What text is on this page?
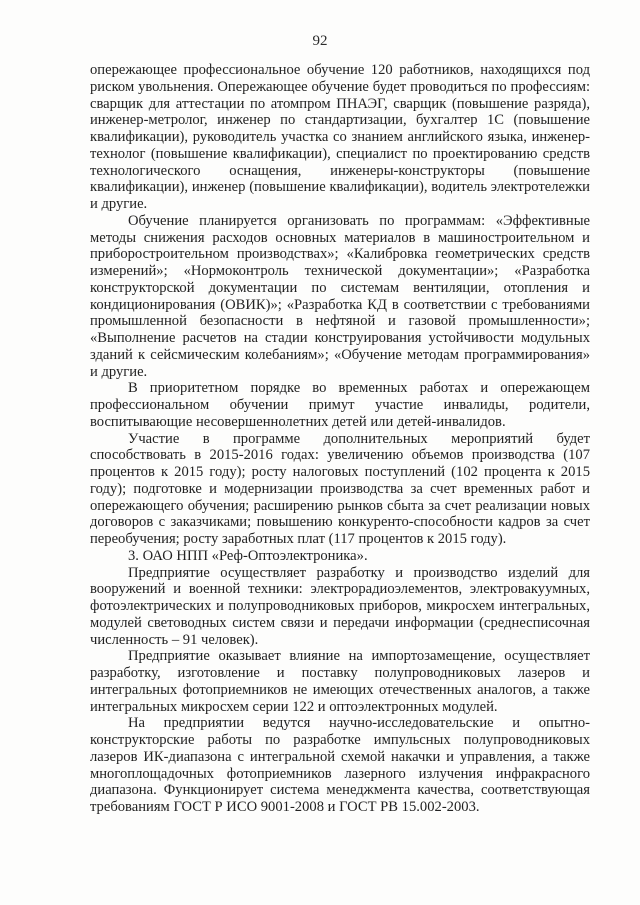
92

опережающее профессиональное обучение 120 работников, находящихся под риском увольнения. Опережающее обучение будет проводиться по профессиям: сварщик для аттестации по атомпром ПНАЭГ, сварщик (повышение разряда), инженер-метролог, инженер по стандартизации, бухгалтер 1С (повышение квалификации), руководитель участка со знанием английского языка, инженер-технолог (повышение квалификации), специалист по проектированию средств технологического оснащения, инженеры-конструкторы (повышение квалификации), инженер (повышение квалификации), водитель электротележки и другие.

Обучение планируется организовать по программам: «Эффективные методы снижения расходов основных материалов в машиностроительном и приборостроительном производствах»; «Калибровка геометрических средств измерений»; «Нормоконтроль технической документации»; «Разработка конструкторской документации по системам вентиляции, отопления и кондиционирования (ОВИК)»; «Разработка КД в соответствии с требованиями промышленной безопасности в нефтяной и газовой промышленности»; «Выполнение расчетов на стадии конструирования устойчивости модульных зданий к сейсмическим колебаниям»; «Обучение методам программирования» и другие.

В приоритетном порядке во временных работах и опережающем профессиональном обучении примут участие инвалиды, родители, воспитывающие несовершеннолетних детей или детей-инвалидов.

Участие в программе дополнительных мероприятий будет способствовать в 2015-2016 годах: увеличению объемов производства (107 процентов к 2015 году); росту налоговых поступлений (102 процента к 2015 году); подготовке и модернизации производства за счет временных работ и опережающего обучения; расширению рынков сбыта за счет реализации новых договоров с заказчиками; повышению конкуренто-способности кадров за счет переобучения; росту заработных плат (117 процентов к 2015 году).

3. ОАО НПП «Реф-Оптоэлектроника».

Предприятие осуществляет разработку и производство изделий для вооружений и военной техники: электрорадиоэлементов, электровакуумных, фотоэлектрических и полупроводниковых приборов, микросхем интегральных, модулей световодных систем связи и передачи информации (среднесписочная численность – 91 человек).

Предприятие оказывает влияние на импортозамещение, осуществляет разработку, изготовление и поставку полупроводниковых лазеров и интегральных фотоприемников не имеющих отечественных аналогов, а также интегральных микросхем серии 122 и оптоэлектронных модулей.

На предприятии ведутся научно-исследовательские и опытно-конструкторские работы по разработке импульсных полупроводниковых лазеров ИК-диапазона с интегральной схемой накачки и управления, а также многоплощадочных фотоприемников лазерного излучения инфракрасного диапазона. Функционирует система менеджмента качества, соответствующая требованиям ГОСТ Р ИСО 9001-2008 и ГОСТ РВ 15.002-2003.
